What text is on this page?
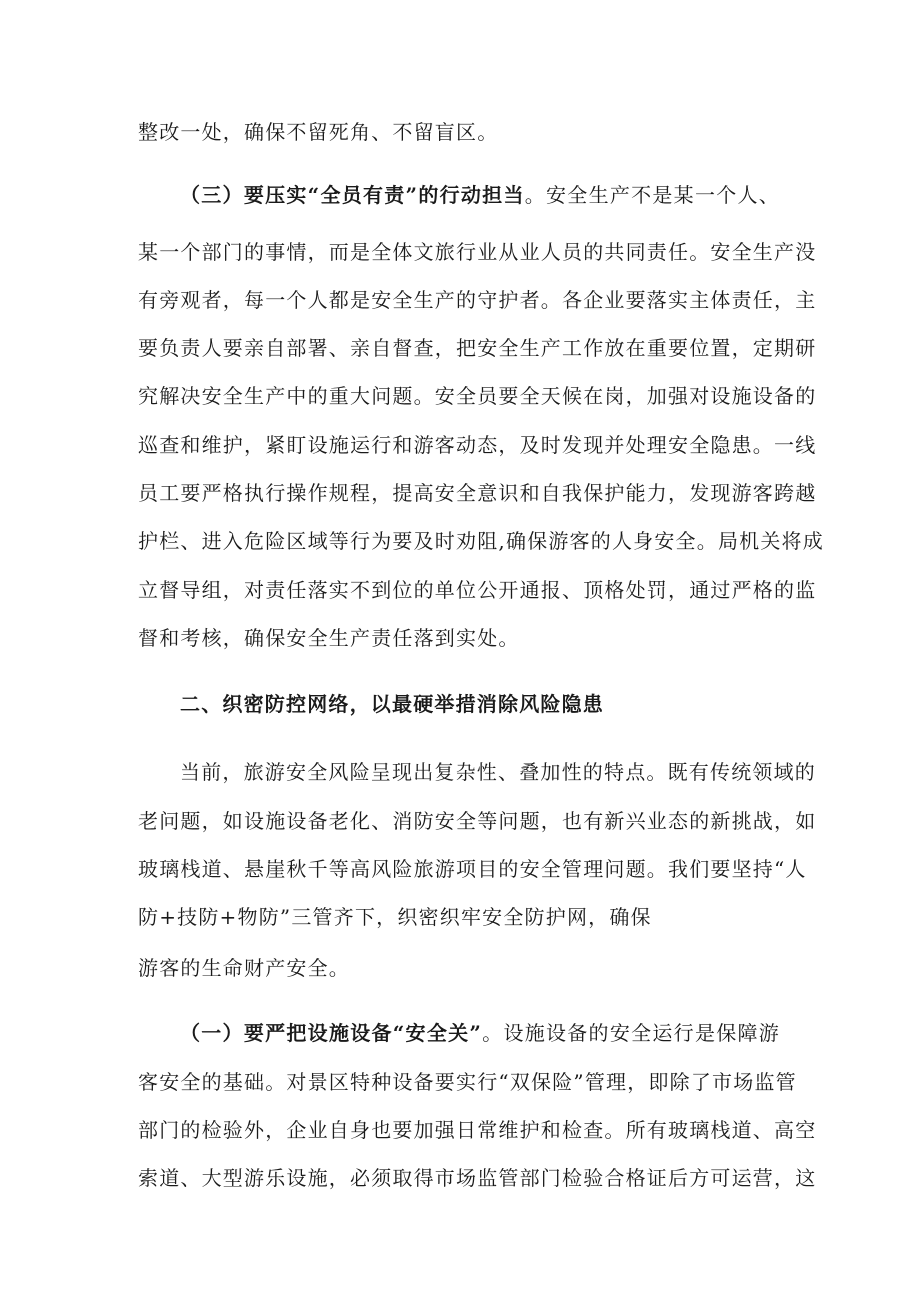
整改一处，确保不留死角、不留盲区。
（三）要压实“全员有责”的行动担当。安全生产不是某一个人、
某一个部门的事情，而是全体文旅行业从业人员的共同责任。安全生产没
有旁观者，每一个人都是安全生产的守护者。各企业要落实主体责任，主
要负责人要亲自部署、亲自督查，把安全生产工作放在重要位置，定期研
究解决安全生产中的重大问题。安全员要全天候在岗，加强对设施设备的
巡查和维护，紧盯设施运行和游客动态，及时发现并处理安全隐患。一线
员工要严格执行操作规程，提高安全意识和自我保护能力，发现游客跨越
护栏、进入危险区域等行为要及时劝阻,确保游客的人身安全。局机关将成
立督导组，对责任落实不到位的单位公开通报、顶格处罚，通过严格的监
督和考核，确保安全生产责任落到实处。
二、织密防控网络，以最硬举措消除风险隐患
当前，旅游安全风险呈现出复杂性、叠加性的特点。既有传统领域的
老问题，如设施设备老化、消防安全等问题，也有新兴业态的新挑战，如
玻璃栈道、悬崖秋千等高风险旅游项目的安全管理问题。我们要坚持“人
防+技防+物防”三管齐下，织密织牢安全防护网，确保
游客的生命财产安全。
（一）要严把设施设备“安全关”。设施设备的安全运行是保障游
客安全的基础。对景区特种设备要实行“双保险”管理，即除了市场监管
部门的检验外，企业自身也要加强日常维护和检查。所有玻璃栈道、高空
索道、大型游乐设施，必须取得市场监管部门检验合格证后方可运营，这
